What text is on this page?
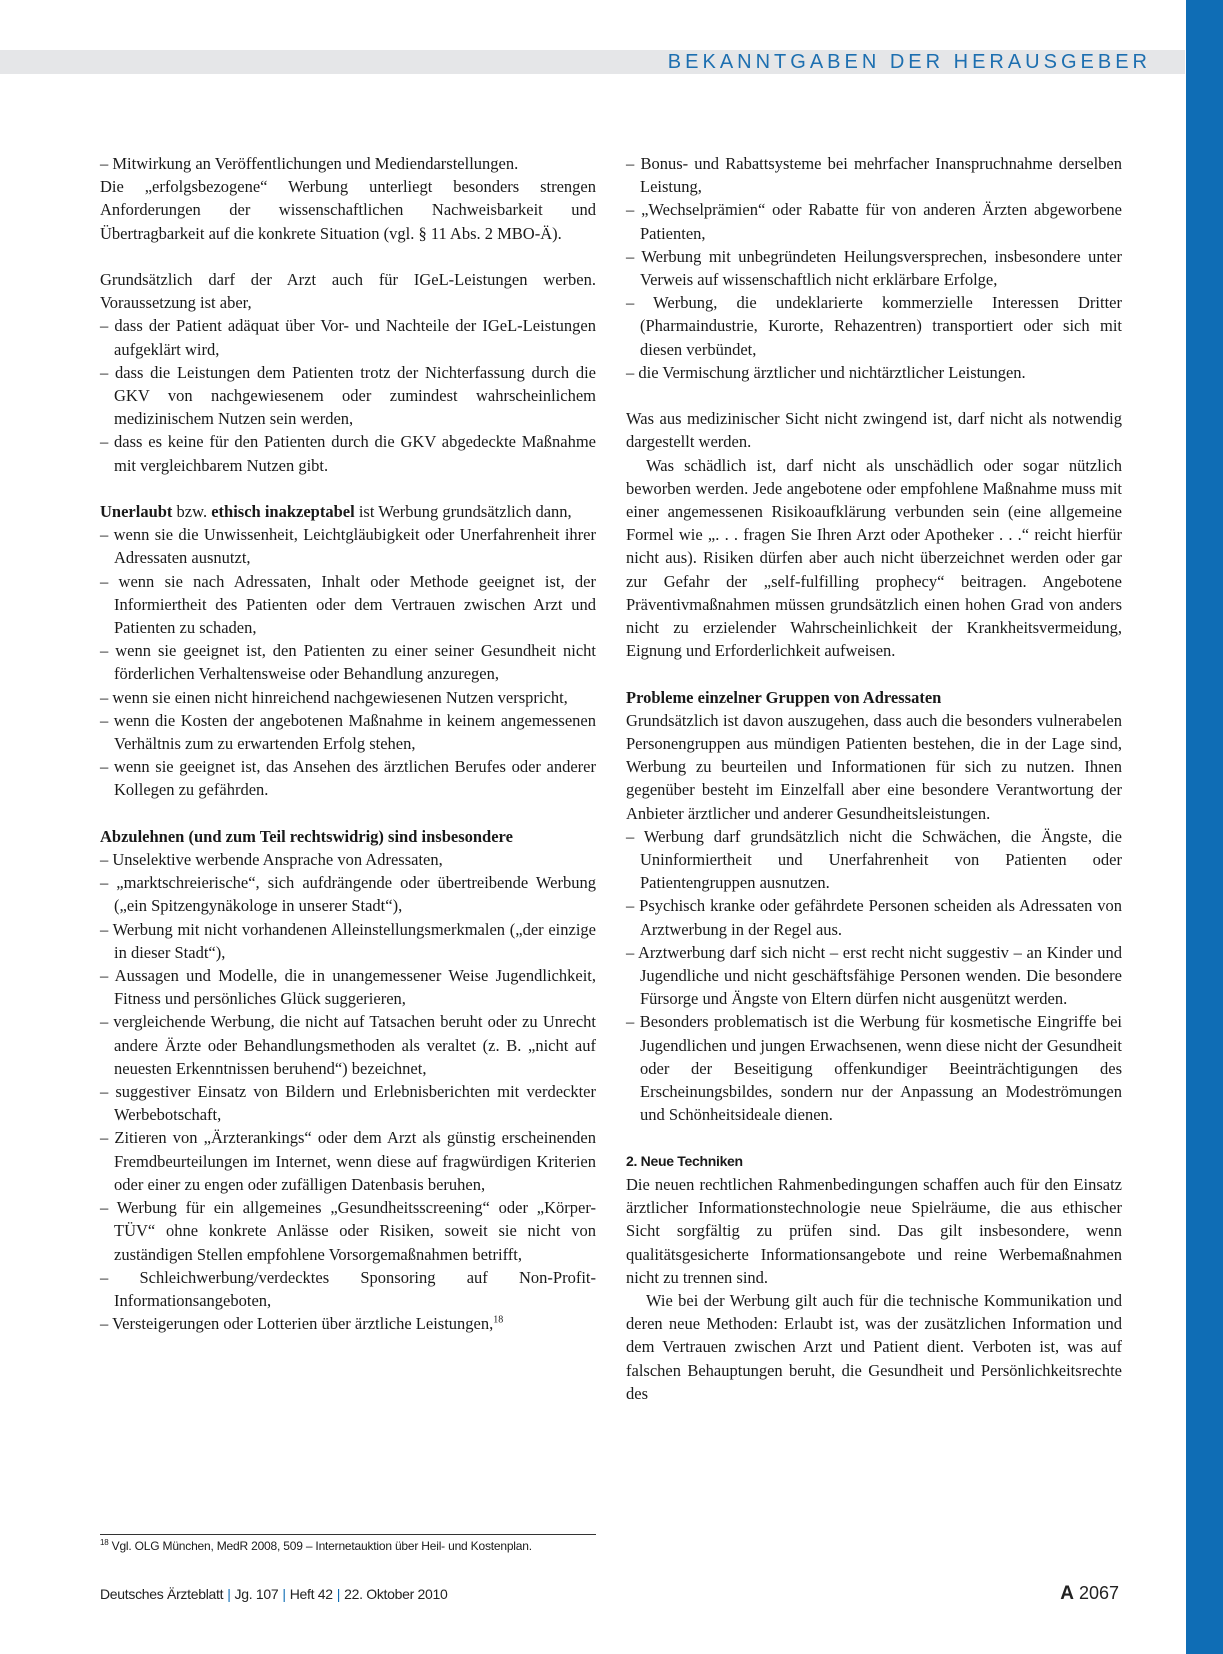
BEKANNTGABEN DER HERAUSGEBER

– Mitwirkung an Veröffentlichungen und Mediendarstellungen.

Die „erfolgsbezogene“ Werbung unterliegt besonders strengen Anforderungen der wissenschaftlichen Nachweisbarkeit und Übertragbarkeit auf die konkrete Situation (vgl. § 11 Abs. 2 MBO-Ä).

Grundsätzlich darf der Arzt auch für IGeL-Leistungen werben. Voraussetzung ist aber,

– dass der Patient adäquat über Vor- und Nachteile der IGeL-Leistungen aufgeklärt wird,

– dass die Leistungen dem Patienten trotz der Nichterfassung durch die GKV von nachgewiesenem oder zumindest wahrscheinlichem medizinischem Nutzen sein werden,

– dass es keine für den Patienten durch die GKV abgedeckte Maßnahme mit vergleichbarem Nutzen gibt.

Unerlaubt bzw. ethisch inakzeptabel ist Werbung grundsätzlich dann,

– wenn sie die Unwissenheit, Leichtgläubigkeit oder Unerfahrenheit ihrer Adressaten ausnutzt,

– wenn sie nach Adressaten, Inhalt oder Methode geeignet ist, der Informiertheit des Patienten oder dem Vertrauen zwischen Arzt und Patienten zu schaden,

– wenn sie geeignet ist, den Patienten zu einer seiner Gesundheit nicht förderlichen Verhaltensweise oder Behandlung anzuregen,

– wenn sie einen nicht hinreichend nachgewiesenen Nutzen verspricht,

– wenn die Kosten der angebotenen Maßnahme in keinem angemessenen Verhältnis zum zu erwartenden Erfolg stehen,

– wenn sie geeignet ist, das Ansehen des ärztlichen Berufes oder anderer Kollegen zu gefährden.

Abzulehnen (und zum Teil rechtswidrig) sind insbesondere

– Unselektive werbende Ansprache von Adressaten,

– „marktschreierische“, sich aufdrängende oder übertreibende Werbung („ein Spitzengynäkologe in unserer Stadt“),

– Werbung mit nicht vorhandenen Alleinstellungsmerkmalen („der einzige in dieser Stadt“),

– Aussagen und Modelle, die in unangemessener Weise Jugendlichkeit, Fitness und persönliches Glück suggerieren,

– vergleichende Werbung, die nicht auf Tatsachen beruht oder zu Unrecht andere Ärzte oder Behandlungsmethoden als veraltet (z. B. „nicht auf neuesten Erkenntnissen beruhend“) bezeichnet,

– suggestiver Einsatz von Bildern und Erlebnisberichten mit verdeckter Werbebotschaft,

– Zitieren von „Ärzterankings“ oder dem Arzt als günstig erscheinenden Fremdbeurteilungen im Internet, wenn diese auf fragwürdigen Kriterien oder einer zu engen oder zufälligen Datenbasis beruhen,

– Werbung für ein allgemeines „Gesundheitsscreening“ oder „Körper-TÜV“ ohne konkrete Anlässe oder Risiken, soweit sie nicht von zuständigen Stellen empfohlene Vorsorgemaßnahmen betrifft,

– Schleichwerbung/verdecktes Sponsoring auf Non-Profit-Informationsangeboten,

– Versteigerungen oder Lotterien über ärztliche Leistungen,$^{18}$

– Bonus- und Rabattsysteme bei mehrfacher Inanspruchnahme derselben Leistung,

– „Wechselprämien“ oder Rabatte für von anderen Ärzten abgeworbene Patienten,

– Werbung mit unbegründeten Heilungsversprechen, insbesondere unter Verweis auf wissenschaftlich nicht erklärbare Erfolge,

– Werbung, die undeklarierte kommerzielle Interessen Dritter (Pharmaindustrie, Kurorte, Rehazentren) transportiert oder sich mit diesen verbündet,

– die Vermischung ärztlicher und nichtärztlicher Leistungen.

Was aus medizinischer Sicht nicht zwingend ist, darf nicht als notwendig dargestellt werden.

Was schädlich ist, darf nicht als unschädlich oder sogar nützlich beworben werden. Jede angebotene oder empfohlene Maßnahme muss mit einer angemessenen Risikoaufklärung verbunden sein (eine allgemeine Formel wie „. . . fragen Sie Ihren Arzt oder Apotheker . . .“ reicht hierfür nicht aus). Risiken dürfen aber auch nicht überzeichnet werden oder gar zur Gefahr der „self-fulfilling prophecy“ beitragen. Angebotene Präventivmaßnahmen müssen grundsätzlich einen hohen Grad von anders nicht zu erzielender Wahrscheinlichkeit der Krankheitsvermeidung, Eignung und Erforderlichkeit aufweisen.

Probleme einzelner Gruppen von Adressaten

Grundsätzlich ist davon auszugehen, dass auch die besonders vulnerabelen Personengruppen aus mündigen Patienten bestehen, die in der Lage sind, Werbung zu beurteilen und Informationen für sich zu nutzen. Ihnen gegenüber besteht im Einzelfall aber eine besondere Verantwortung der Anbieter ärztlicher und anderer Gesundheitsleistungen.

– Werbung darf grundsätzlich nicht die Schwächen, die Ängste, die Uninformiertheit und Unerfahrenheit von Patienten oder Patientengruppen ausnutzen.

– Psychisch kranke oder gefährdete Personen scheiden als Adressaten von Arztwerbung in der Regel aus.

– Arztwerbung darf sich nicht – erst recht nicht suggestiv – an Kinder und Jugendliche und nicht geschäftsfähige Personen wenden. Die besondere Fürsorge und Ängste von Eltern dürfen nicht ausgenützt werden.

– Besonders problematisch ist die Werbung für kosmetische Eingriffe bei Jugendlichen und jungen Erwachsenen, wenn diese nicht der Gesundheit oder der Beseitigung offenkundiger Beeinträchtigungen des Erscheinungsbildes, sondern nur der Anpassung an Modeströmungen und Schönheitsideale dienen.

2. Neue Techniken

Die neuen rechtlichen Rahmenbedingungen schaffen auch für den Einsatz ärztlicher Informationstechnologie neue Spielräume, die aus ethischer Sicht sorgfältig zu prüfen sind. Das gilt insbesondere, wenn qualitätsgesicherte Informationsangebote und reine Werbemaßnahmen nicht zu trennen sind.

Wie bei der Werbung gilt auch für die technische Kommunikation und deren neue Methoden: Erlaubt ist, was der zusätzlichen Information und dem Vertrauen zwischen Arzt und Patient dient. Verboten ist, was auf falschen Behauptungen beruht, die Gesundheit und Persönlichkeitsrechte des

$^{18}$ Vgl. OLG München, MedR 2008, 509 – Internetauktion über Heil- und Kostenplan.
Deutsches Ärzteblatt | Jg. 107 | Heft 42 | 22. Oktober 2010	A 2067
